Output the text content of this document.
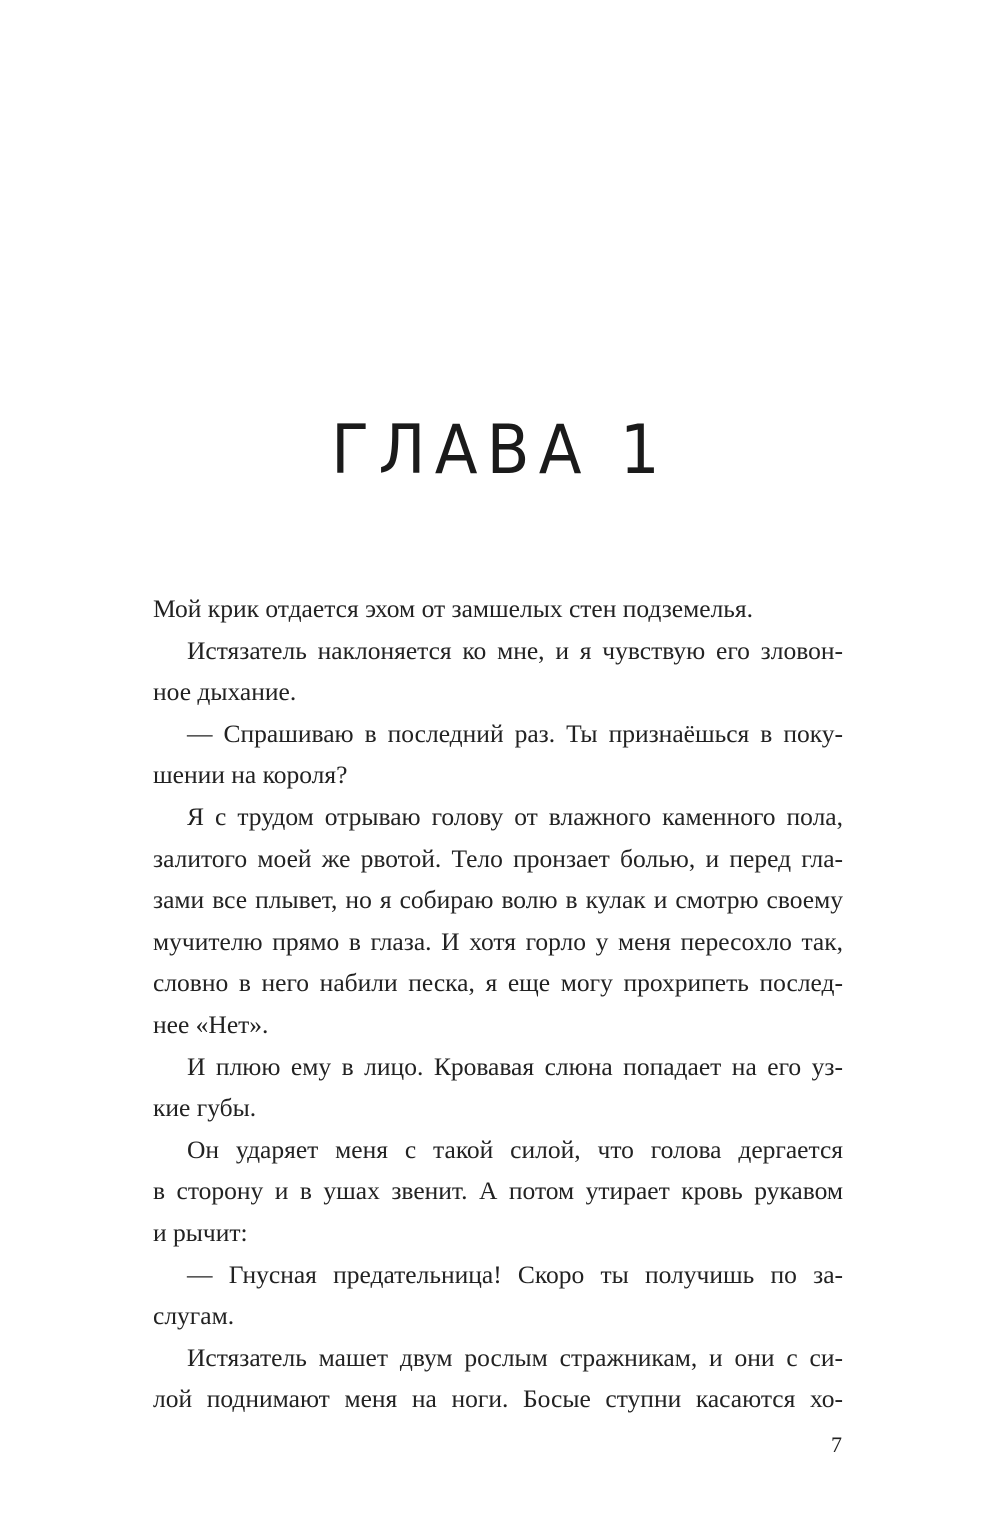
ГЛАВА 1
Мой крик отдается эхом от замшелых стен подземелья.
Истязатель наклоняется ко мне, и я чувствую его зловон-
ное дыхание.
— Спрашиваю в последний раз. Ты признаёшься в поку-
шении на короля?
Я с трудом отрываю голову от влажного каменного пола,
залитого моей же рвотой. Тело пронзает болью, и перед гла-
зами все плывет, но я собираю волю в кулак и смотрю своему
мучителю прямо в глаза. И хотя горло у меня пересохло так,
словно в него набили песка, я еще могу прохрипеть послед-
нее «Нет».
И плюю ему в лицо. Кровавая слюна попадает на его уз-
кие губы.
Он ударяет меня с такой силой, что голова дергается
в сторону и в ушах звенит. А потом утирает кровь рукавом
и рычит:
— Гнусная предательница! Скоро ты получишь по за-
слугам.
Истязатель машет двум рослым стражникам, и они с си-
лой поднимают меня на ноги. Босые ступни касаются хо-
7
